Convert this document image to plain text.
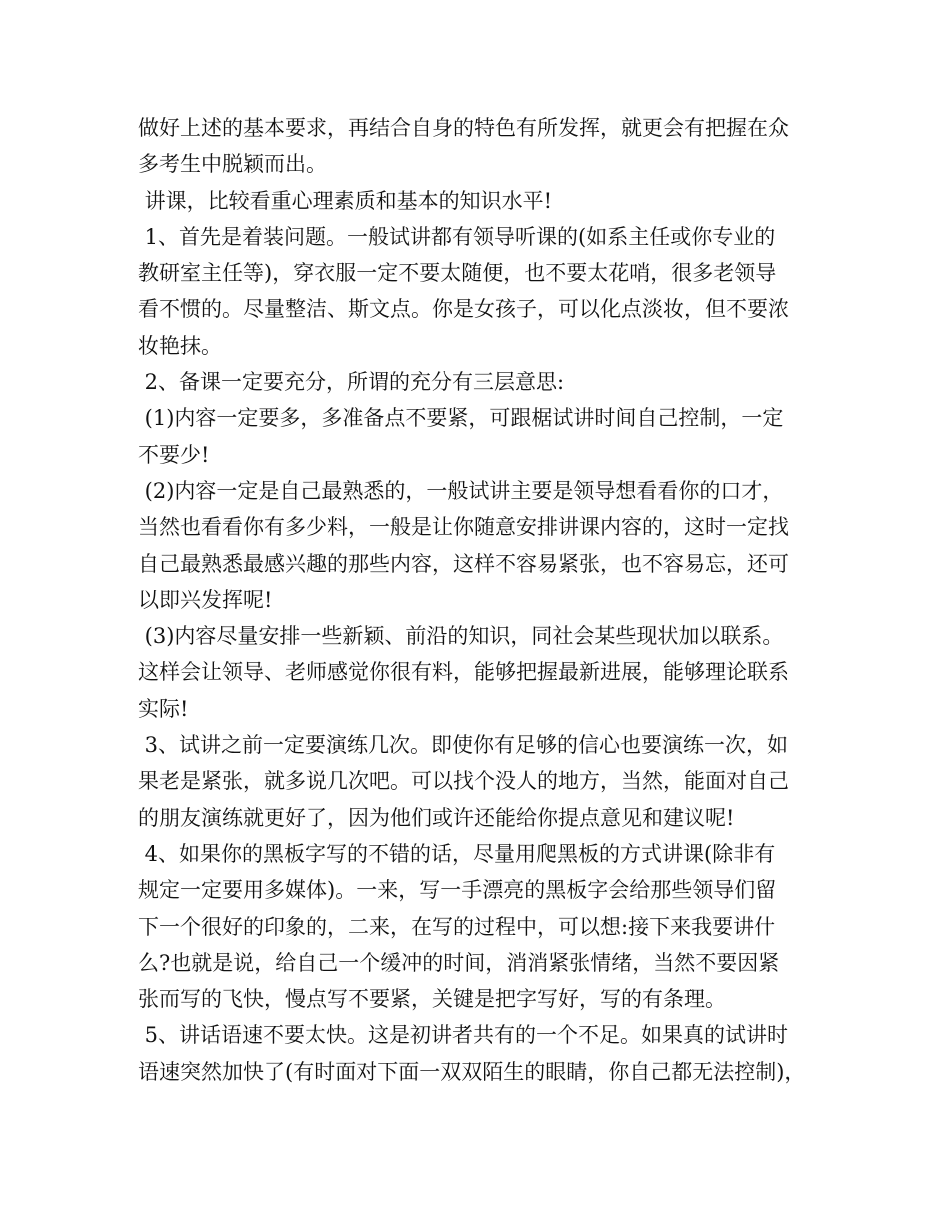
做好上述的基本要求，再结合自身的特色有所发挥，就更会有把握在众
多考生中脱颖而出。
讲课，比较看重心理素质和基本的知识水平!
1、首先是着装问题。一般试讲都有领导听课的(如系主任或你专业的
教研室主任等)，穿衣服一定不要太随便，也不要太花哨，很多老领导
看不惯的。尽量整洁、斯文点。你是女孩子，可以化点淡妆，但不要浓
妆艳抹。
2、备课一定要充分，所谓的充分有三层意思:
(1)内容一定要多，多准备点不要紧，可跟椐试讲时间自己控制，一定
不要少!
(2)内容一定是自己最熟悉的，一般试讲主要是领导想看看你的口才，
当然也看看你有多少料，一般是让你随意安排讲课内容的，这时一定找
自己最熟悉最感兴趣的那些内容，这样不容易紧张，也不容易忘，还可
以即兴发挥呢!
(3)内容尽量安排一些新颖、前沿的知识，同社会某些现状加以联系。
这样会让领导、老师感觉你很有料，能够把握最新进展，能够理论联系
实际!
3、试讲之前一定要演练几次。即使你有足够的信心也要演练一次，如
果老是紧张，就多说几次吧。可以找个没人的地方，当然，能面对自己
的朋友演练就更好了，因为他们或许还能给你提点意见和建议呢!
4、如果你的黑板字写的不错的话，尽量用爬黑板的方式讲课(除非有
规定一定要用多媒体)。一来，写一手漂亮的黑板字会给那些领导们留
下一个很好的印象的，二来，在写的过程中，可以想:接下来我要讲什
么?也就是说，给自己一个缓冲的时间，消消紧张情绪，当然不要因紧
张而写的飞快，慢点写不要紧，关键是把字写好，写的有条理。
5、讲话语速不要太快。这是初讲者共有的一个不足。如果真的试讲时
语速突然加快了(有时面对下面一双双陌生的眼睛，你自己都无法控制)，
